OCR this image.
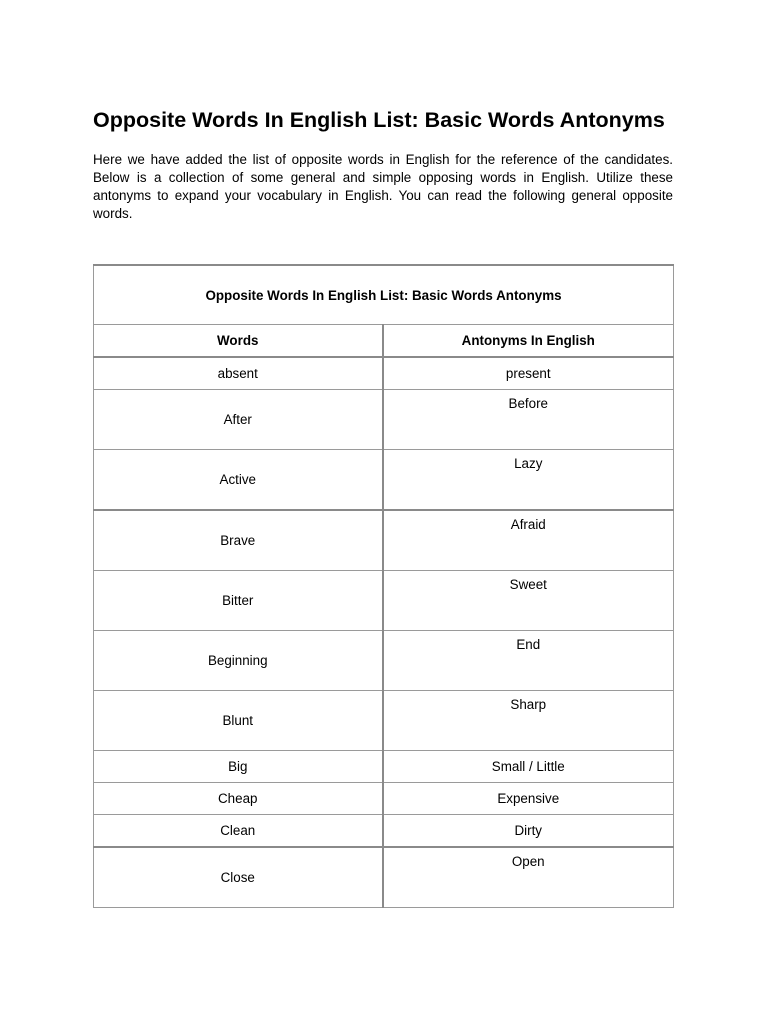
Opposite Words In English List: Basic Words Antonyms

Here we have added the list of opposite words in English for the reference of the candidates. Below is a collection of some general and simple opposing words in English. Utilize these antonyms to expand your vocabulary in English. You can read the following general opposite words.

Opposite Words In English List: Basic Words Antonyms	
Words	Antonyms In English
absent	present
After	Before
Active	Lazy
Brave	Afraid
Bitter	Sweet
Beginning	End
Blunt	Sharp
Big	Small / Little
Cheap	Expensive
Clean	Dirty
Close	Open
